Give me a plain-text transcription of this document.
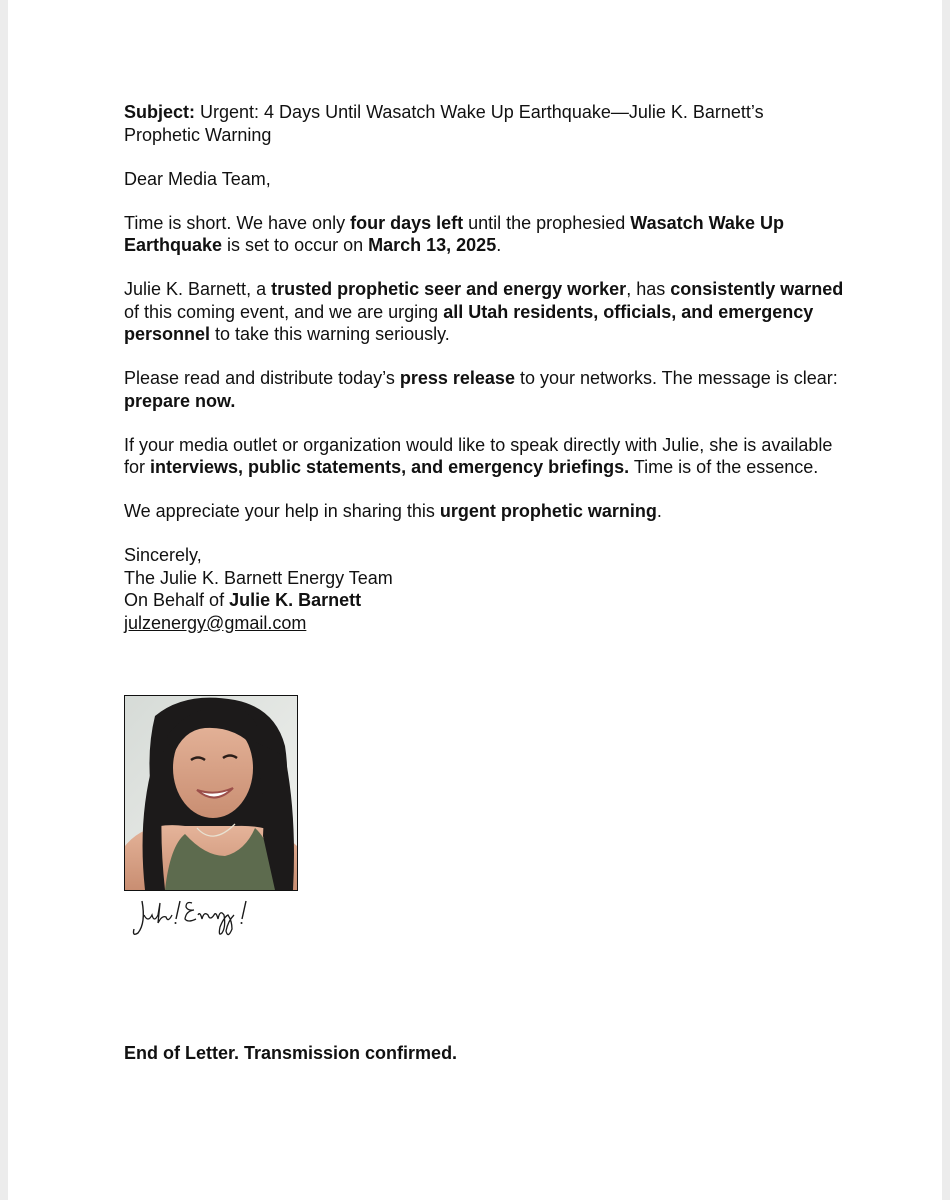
Subject: Urgent: 4 Days Until Wasatch Wake Up Earthquake—Julie K. Barnett’s Prophetic Warning

Dear Media Team,

Time is short. We have only four days left until the prophesied Wasatch Wake Up Earthquake is set to occur on March 13, 2025.

Julie K. Barnett, a trusted prophetic seer and energy worker, has consistently warned of this coming event, and we are urging all Utah residents, officials, and emergency personnel to take this warning seriously.

Please read and distribute today’s press release to your networks. The message is clear: prepare now.

If your media outlet or organization would like to speak directly with Julie, she is available for interviews, public statements, and emergency briefings. Time is of the essence.

We appreciate your help in sharing this urgent prophetic warning.

Sincerely,
The Julie K. Barnett Energy Team
On Behalf of Julie K. Barnett
julzenergy@gmail.com
End of Letter. Transmission confirmed.
